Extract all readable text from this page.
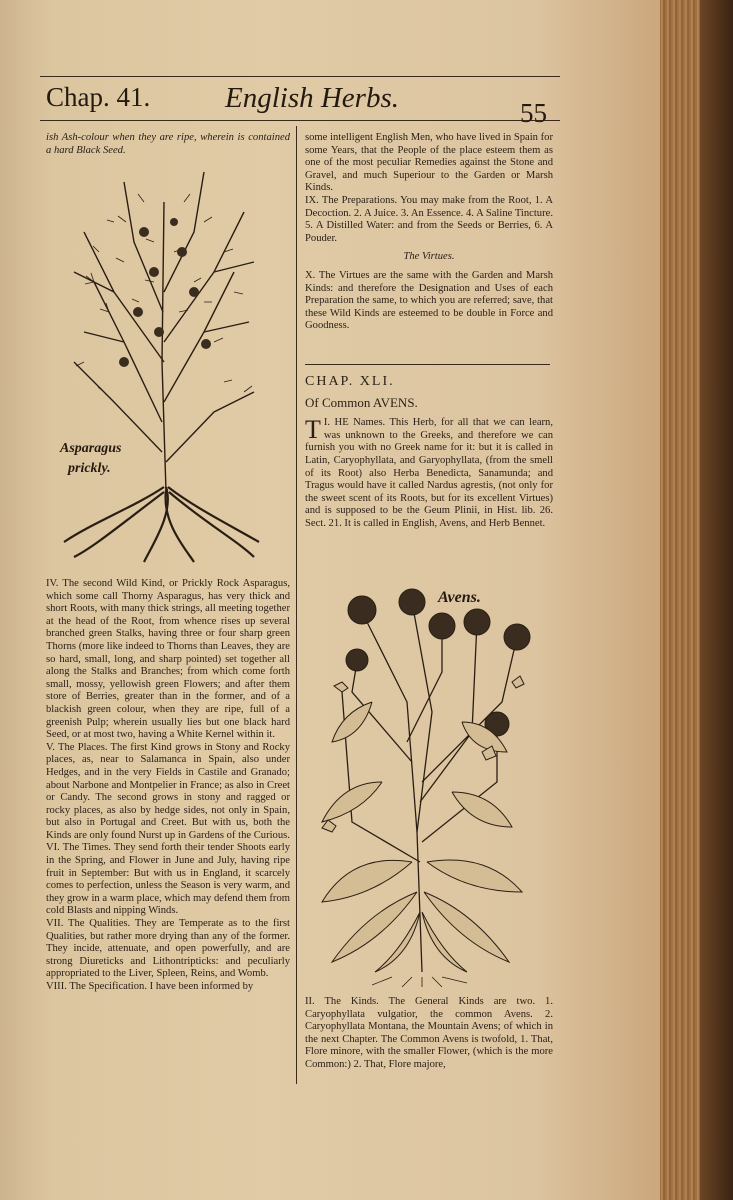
Chap. 41.	English Herbs.	55

ish Ash-colour when they are ripe, wherein is contained a hard Black Seed.

Asparagus
prickly.

IV. The second Wild Kind, or Prickly Rock Asparagus, which some call Thorny Asparagus, has very thick and short Roots, with many thick strings, all meeting together at the head of the Root, from whence rises up several branched green Stalks, having three or four sharp green Thorns (more like indeed to Thorns than Leaves, they are so hard, small, long, and sharp pointed) set together all along the Stalks and Branches; from which come forth small, mossy, yellowish green Flowers; and after them store of Berries, greater than in the former, and of a blackish green colour, when they are ripe, full of a greenish Pulp; wherein usually lies but one black hard Seed, or at most two, having a White Kernel within it.

V. The Places. The first Kind grows in Stony and Rocky places, as, near to Salamanca in Spain, also under Hedges, and in the very Fields in Castile and Granado; about Narbone and Montpelier in France; as also in Creet or Candy. The second grows in stony and ragged or rocky places, as also by hedge sides, not only in Spain, but also in Portugal and Creet. But with us, both the Kinds are only found Nurst up in Gardens of the Curious.

VI. The Times. They send forth their tender Shoots early in the Spring, and Flower in June and July, having ripe fruit in September: But with us in England, it scarcely comes to perfection, unless the Season is very warm, and they grow in a warm place, which may defend them from cold Blasts and nipping Winds.

VII. The Qualities. They are Temperate as to the first Qualities, but rather more drying than any of the former. They incide, attenuate, and open powerfully, and are strong Diureticks and Lithontripticks: and peculiarly appropriated to the Liver, Spleen, Reins, and Womb.

VIII. The Specification. I have been informed by

some intelligent English Men, who have lived in Spain for some Years, that the People of the place esteem them as one of the most peculiar Remedies against the Stone and Gravel, and much Superiour to the Garden or Marsh Kinds.

IX. The Preparations. You may make from the Root, 1. A Decoction. 2. A Juice. 3. An Essence. 4. A Saline Tincture. 5. A Distilled Water: and from the Seeds or Berries, 6. A Pouder.

The Virtues.

X. The Virtues are the same with the Garden and Marsh Kinds: and therefore the Designation and Uses of each Preparation the same, to which you are referred; save, that these Wild Kinds are esteemed to be double in Force and Goodness.

CHAP. XLI.

Of Common AVENS.

I.
T HE Names. This Herb, for all that we can learn, was unknown to the Greeks, and therefore we can furnish you with no Greek name for it: but it is called in Latin, Caryophyllata, and Garyophyllata, (from the smell of its Root) also Herba Benedicta, Sanamunda; and Tragus would have it called Nardus agrestis, (not only for the sweet scent of its Roots, but for its excellent Virtues) and is supposed to be the Geum Plinii, in Hist. lib. 26. Sect. 21. It is called in English, Avens, and Herb Bennet.

Avens.

II. The Kinds. The General Kinds are two. 1. Caryophyllata vulgatior, the common Avens. 2. Caryophyllata Montana, the Mountain Avens; of which in the next Chapter. The Common Avens is twofold, 1. That, Flore minore, with the smaller Flower, (which is the more Common:) 2. That, Flore majore,
